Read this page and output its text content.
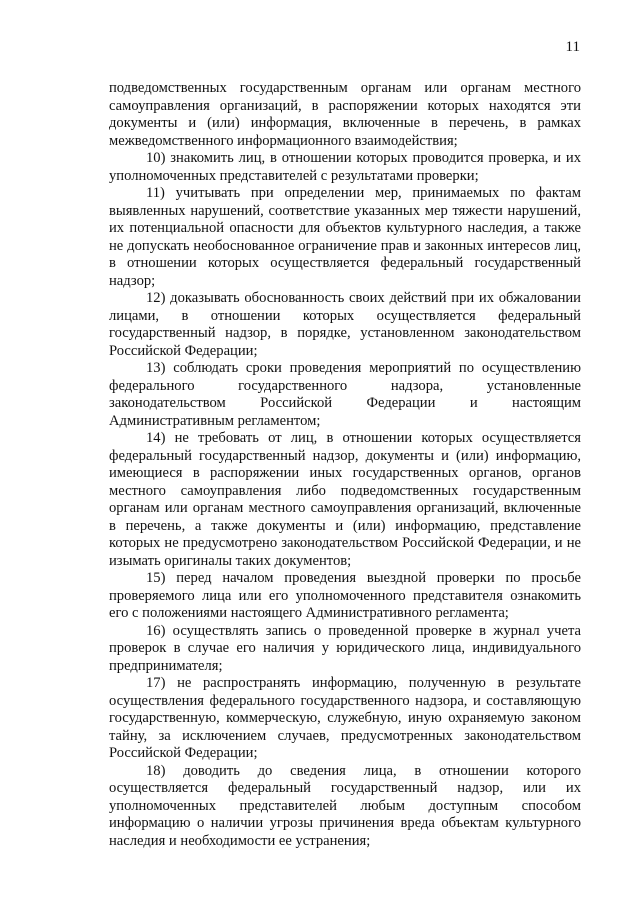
11

подведомственных государственным органам или органам местного самоуправления организаций, в распоряжении которых находятся эти документы и (или) информация, включенные в перечень, в рамках межведомственного информационного взаимодействия;

10) знакомить лиц, в отношении которых проводится проверка, и их уполномоченных представителей с результатами проверки;

11) учитывать при определении мер, принимаемых по фактам выявленных нарушений, соответствие указанных мер тяжести нарушений, их потенциальной опасности для объектов культурного наследия, а также не допускать необоснованное ограничение прав и законных интересов лиц, в отношении которых осуществляется федеральный государственный надзор;

12) доказывать обоснованность своих действий при их обжаловании лицами, в отношении которых осуществляется федеральный государственный надзор, в порядке, установленном законодательством Российской Федерации;

13) соблюдать сроки проведения мероприятий по осуществлению федерального государственного надзора, установленные законодательством Российской Федерации и настоящим Административным регламентом;

14) не требовать от лиц, в отношении которых осуществляется федеральный государственный надзор, документы и (или) информацию, имеющиеся в распоряжении иных государственных органов, органов местного самоуправления либо подведомственных государственным органам или органам местного самоуправления организаций, включенные в перечень, а также документы и (или) информацию, представление которых не предусмотрено законодательством Российской Федерации, и не изымать оригиналы таких документов;

15) перед началом проведения выездной проверки по просьбе проверяемого лица или его уполномоченного представителя ознакомить его с положениями настоящего Административного регламента;

16) осуществлять запись о проведенной проверке в журнал учета проверок в случае его наличия у юридического лица, индивидуального предпринимателя;

17) не распространять информацию, полученную в результате осуществления федерального государственного надзора, и составляющую государственную, коммерческую, служебную, иную охраняемую законом тайну, за исключением случаев, предусмотренных законодательством Российской Федерации;

18) доводить до сведения лица, в отношении которого осуществляется федеральный государственный надзор, или их уполномоченных представителей любым доступным способом информацию о наличии угрозы причинения вреда объектам культурного наследия и необходимости ее устранения;
